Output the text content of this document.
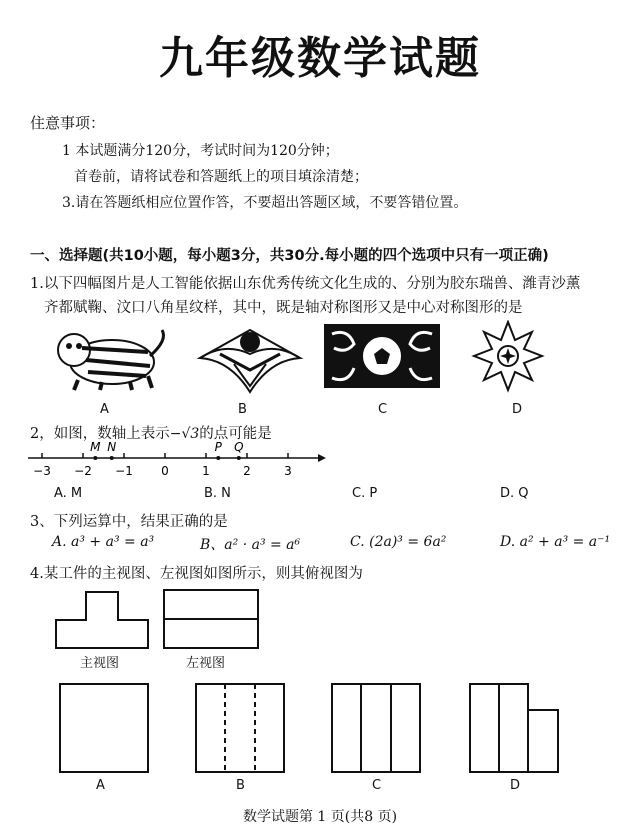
九年级数学试题
住意事项：
1 本试题满分120分，考试时间为120分钟；
首卷前，请将试卷和答题纸上的项目填涂清楚；
3.请在答题纸相应位置作答，不要超出答题区域，不要答错位置。
一、选择题(共10小题，每小题3分，共30分.每小题的四个选项中只有一项正确)
1.以下四幅图片是人工智能依据山东优秀传统文化生成的、分别为胶东瑞兽、潍青沙薰
齐都赋鞠、汶口八角星纹样，其中，既是轴对称图形又是中心对称图形的是
A	B	C	D
2，如图，数轴上表示−√3的点可能是
−3 −2 −1 0	1	2	3
M N	P Q
A. M	B. N	C. P	D. Q
3、下列运算中，结果正确的是
A. a³ + a³ = a³	B、a² · a³ = a⁶	C. (2a)³ = 6a²	D. a² + a³ = a⁻¹
4.某工件的主视图、左视图如图所示，则其俯视图为
主视图	左视图
A	B	C	D
数学试题第 1 页(共8 页)
